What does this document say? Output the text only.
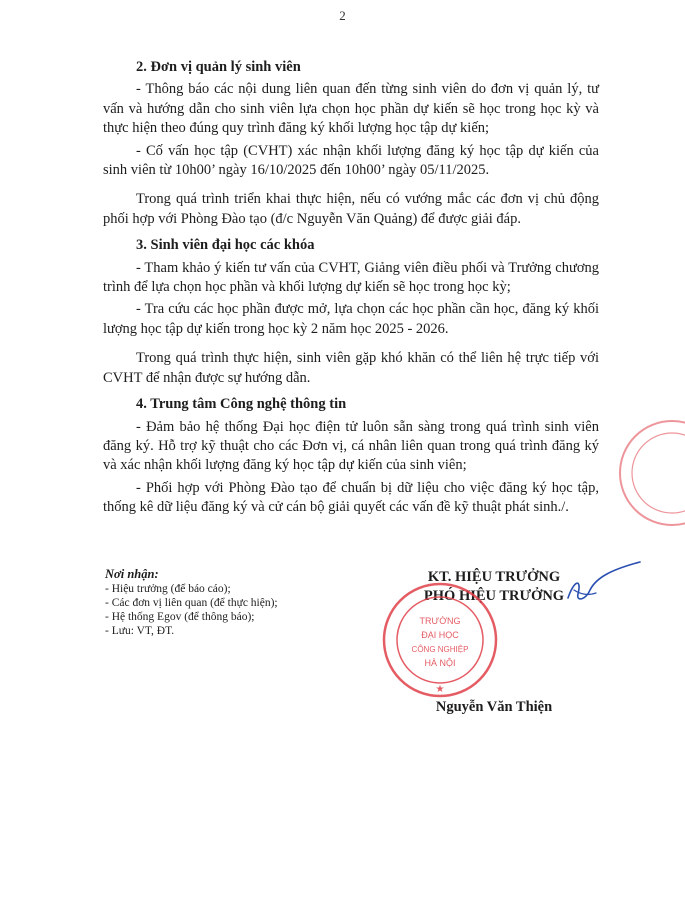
2
2. Đơn vị quản lý sinh viên
- Thông báo các nội dung liên quan đến từng sinh viên do đơn vị quản lý, tư vấn và hướng dẫn cho sinh viên lựa chọn học phần dự kiến sẽ học trong học kỳ và thực hiện theo đúng quy trình đăng ký khối lượng học tập dự kiến;
- Cố vấn học tập (CVHT) xác nhận khối lượng đăng ký học tập dự kiến của sinh viên từ 10h00’ ngày 16/10/2025 đến 10h00’ ngày 05/11/2025.
Trong quá trình triển khai thực hiện, nếu có vướng mắc các đơn vị chủ động phối hợp với Phòng Đào tạo (đ/c Nguyễn Văn Quảng) để được giải đáp.
3. Sinh viên đại học các khóa
- Tham khảo ý kiến tư vấn của CVHT, Giảng viên điều phối và Trưởng chương trình để lựa chọn học phần và khối lượng dự kiến sẽ học trong học kỳ;
- Tra cứu các học phần được mở, lựa chọn các học phần cần học, đăng ký khối lượng học tập dự kiến trong học kỳ 2 năm học 2025 - 2026.
Trong quá trình thực hiện, sinh viên gặp khó khăn có thể liên hệ trực tiếp với CVHT để nhận được sự hướng dẫn.
4. Trung tâm Công nghệ thông tin
- Đảm bảo hệ thống Đại học điện tử luôn sẵn sàng trong quá trình sinh viên đăng ký. Hỗ trợ kỹ thuật cho các Đơn vị, cá nhân liên quan trong quá trình đăng ký và xác nhận khối lượng đăng ký học tập dự kiến của sinh viên;
- Phối hợp với Phòng Đào tạo để chuẩn bị dữ liệu cho việc đăng ký học tập, thống kê dữ liệu đăng ký và cử cán bộ giải quyết các vấn đề kỹ thuật phát sinh./.
Nơi nhận:
- Hiệu trưởng (để báo cáo);
- Các đơn vị liên quan (để thực hiện);
- Hệ thống Egov (để thông báo);
- Lưu: VT, ĐT.
KT. HIỆU TRƯỞNG
PHÓ HIỆU TRƯỞNG
TRƯỜNG
ĐẠI HỌC
CÔNG NGHIỆP
HÀ NỘI
★
Nguyễn Văn Thiện
